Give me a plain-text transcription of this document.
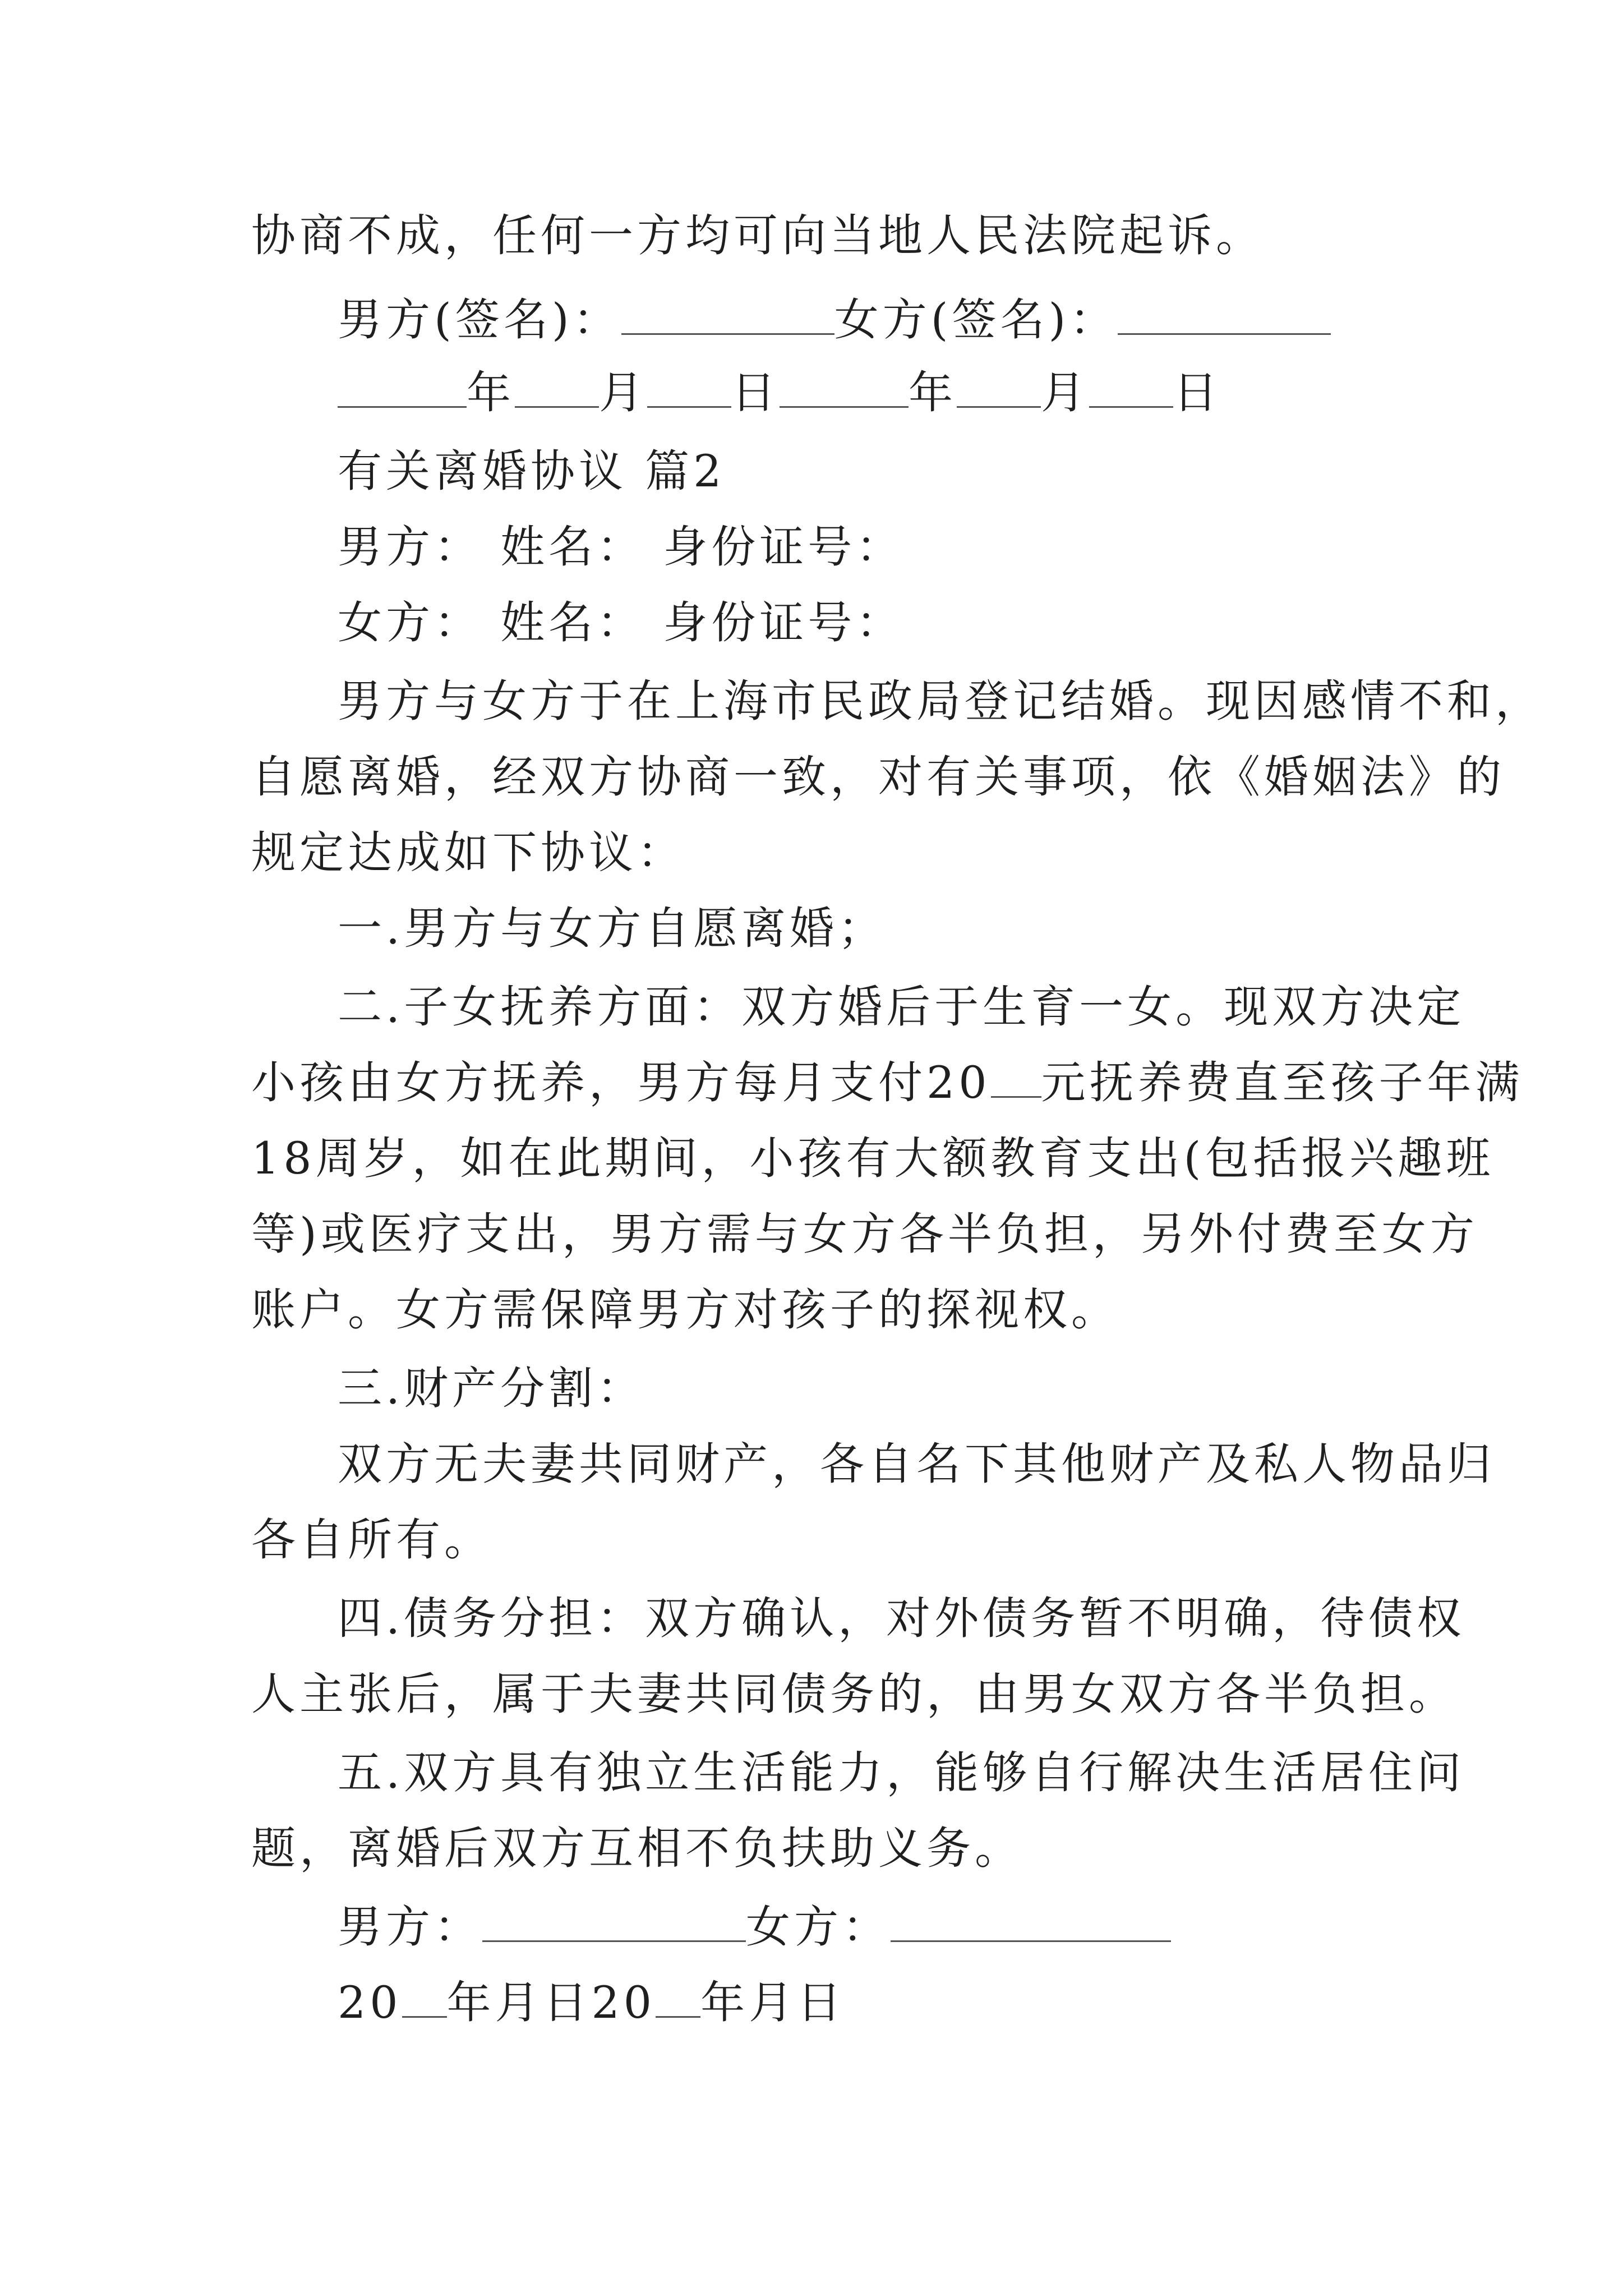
协商不成，任何一方均可向当地人民法院起诉。
男方(签名)：	女方(签名)：
年 月 日	年 月 日
有关离婚协议 篇2
男方： 姓名： 身份证号：
女方： 姓名： 身份证号：
男方与女方于在上海市民政局登记结婚。现因感情不和，
自愿离婚，经双方协商一致，对有关事项，依《婚姻法》的
规定达成如下协议：
一.男方与女方自愿离婚；
二.子女抚养方面：双方婚后于生育一女。现双方决定
小孩由女方抚养，男方每月支付20 元抚养费直至孩子年满
18周岁，如在此期间，小孩有大额教育支出(包括报兴趣班
等)或医疗支出，男方需与女方各半负担，另外付费至女方
账户。女方需保障男方对孩子的探视权。
三.财产分割：
双方无夫妻共同财产，各自名下其他财产及私人物品归
各自所有。
四.债务分担：双方确认，对外债务暂不明确，待债权
人主张后，属于夫妻共同债务的，由男女双方各半负担。
五.双方具有独立生活能力，能够自行解决生活居住问
题，离婚后双方互相不负扶助义务。
男方：	女方：
20 年月日20 年月日
